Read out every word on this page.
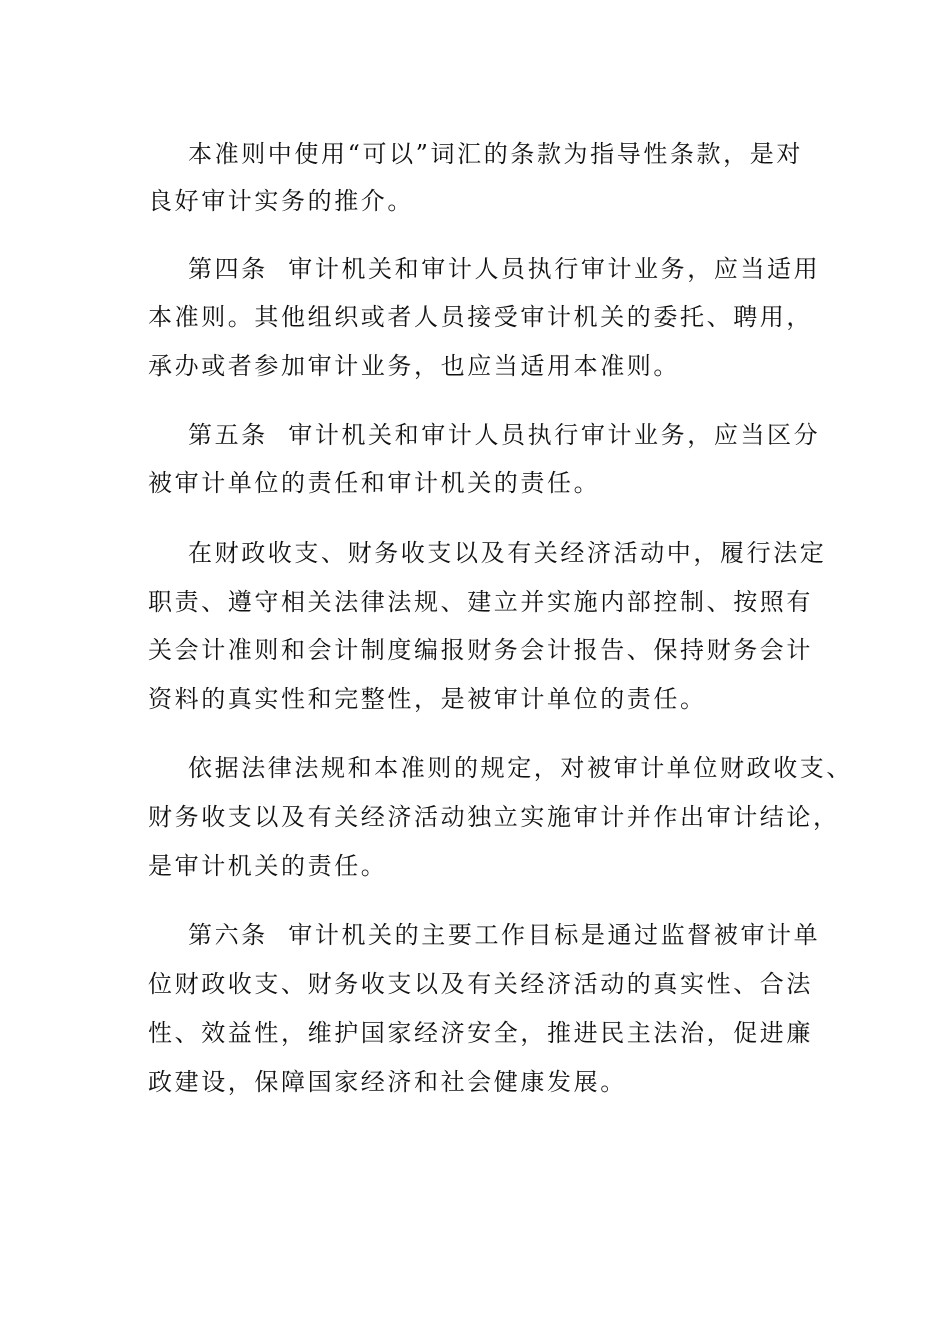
本准则中使用“可以”词汇的条款为指导性条款，是对
良好审计实务的推介。
第四条  审计机关和审计人员执行审计业务，应当适用
本准则。其他组织或者人员接受审计机关的委托、聘用，
承办或者参加审计业务，也应当适用本准则。
第五条  审计机关和审计人员执行审计业务，应当区分
被审计单位的责任和审计机关的责任。
在财政收支、财务收支以及有关经济活动中，履行法定
职责、遵守相关法律法规、建立并实施内部控制、按照有
关会计准则和会计制度编报财务会计报告、保持财务会计
资料的真实性和完整性，是被审计单位的责任。
依据法律法规和本准则的规定，对被审计单位财政收支、
财务收支以及有关经济活动独立实施审计并作出审计结论，
是审计机关的责任。
第六条  审计机关的主要工作目标是通过监督被审计单
位财政收支、财务收支以及有关经济活动的真实性、合法
性、效益性，维护国家经济安全，推进民主法治，促进廉
政建设，保障国家经济和社会健康发展。
